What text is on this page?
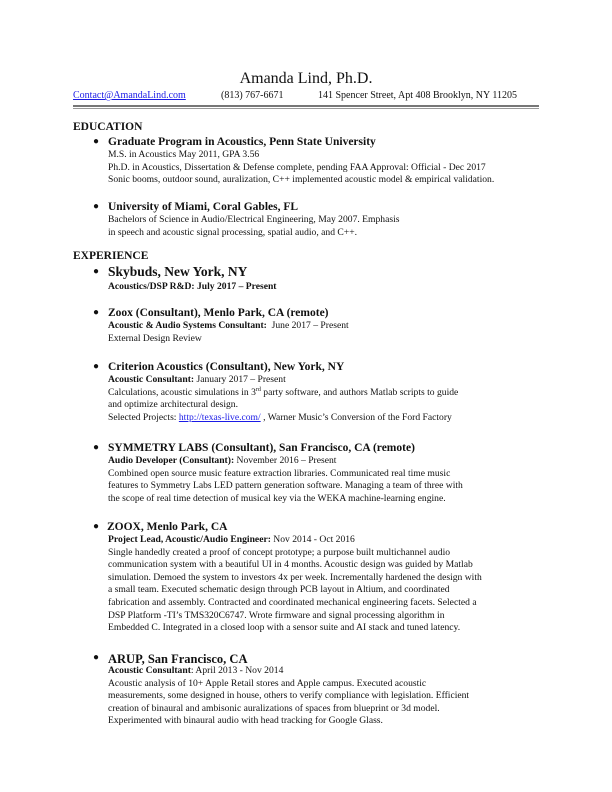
Amanda Lind, Ph.D.
Contact@AmandaLind.com	(813) 767-6671	141 Spencer Street, Apt 408 Brooklyn, NY 11205
EDUCATION
● Graduate Program in Acoustics, Penn State University
M.S. in Acoustics May 2011, GPA 3.56
Ph.D. in Acoustics, Dissertation & Defense complete, pending FAA Approval: Official - Dec 2017
Sonic booms, outdoor sound, auralization, C++ implemented acoustic model & empirical validation.
● University of Miami, Coral Gables, FL
Bachelors of Science in Audio/Electrical Engineering, May 2007. Emphasis
in speech and acoustic signal processing, spatial audio, and C++.
EXPERIENCE
● Skybuds, New York, NY
Acoustics/DSP R&D: July 2017 – Present
● Zoox (Consultant), Menlo Park, CA (remote)
Acoustic & Audio Systems Consultant:  June 2017 – Present
External Design Review
● Criterion Acoustics (Consultant), New York, NY
Acoustic Consultant: January 2017 – Present
Calculations, acoustic simulations in 3rd party software, and authors Matlab scripts to guide
and optimize architectural design.
Selected Projects: http://texas-live.com/ , Warner Music’s Conversion of the Ford Factory
● SYMMETRY LABS (Consultant), San Francisco, CA (remote)
Audio Developer (Consultant): November 2016 – Present
Combined open source music feature extraction libraries. Communicated real time music
features to Symmetry Labs LED pattern generation software. Managing a team of three with
the scope of real time detection of musical key via the WEKA machine-learning engine.
● ZOOX, Menlo Park, CA
Project Lead, Acoustic/Audio Engineer: Nov 2014 - Oct 2016
Single handedly created a proof of concept prototype; a purpose built multichannel audio
communication system with a beautiful UI in 4 months. Acoustic design was guided by Matlab
simulation. Demoed the system to investors 4x per week. Incrementally hardened the design with
a small team. Executed schematic design through PCB layout in Altium, and coordinated
fabrication and assembly. Contracted and coordinated mechanical engineering facets. Selected a
DSP Platform -TI’s TMS320C6747. Wrote firmware and signal processing algorithm in
Embedded C. Integrated in a closed loop with a sensor suite and AI stack and tuned latency.
● ARUP, San Francisco, CA
Acoustic Consultant: April 2013 - Nov 2014
Acoustic analysis of 10+ Apple Retail stores and Apple campus. Executed acoustic
measurements, some designed in house, others to verify compliance with legislation. Efficient
creation of binaural and ambisonic auralizations of spaces from blueprint or 3d model.
Experimented with binaural audio with head tracking for Google Glass.
